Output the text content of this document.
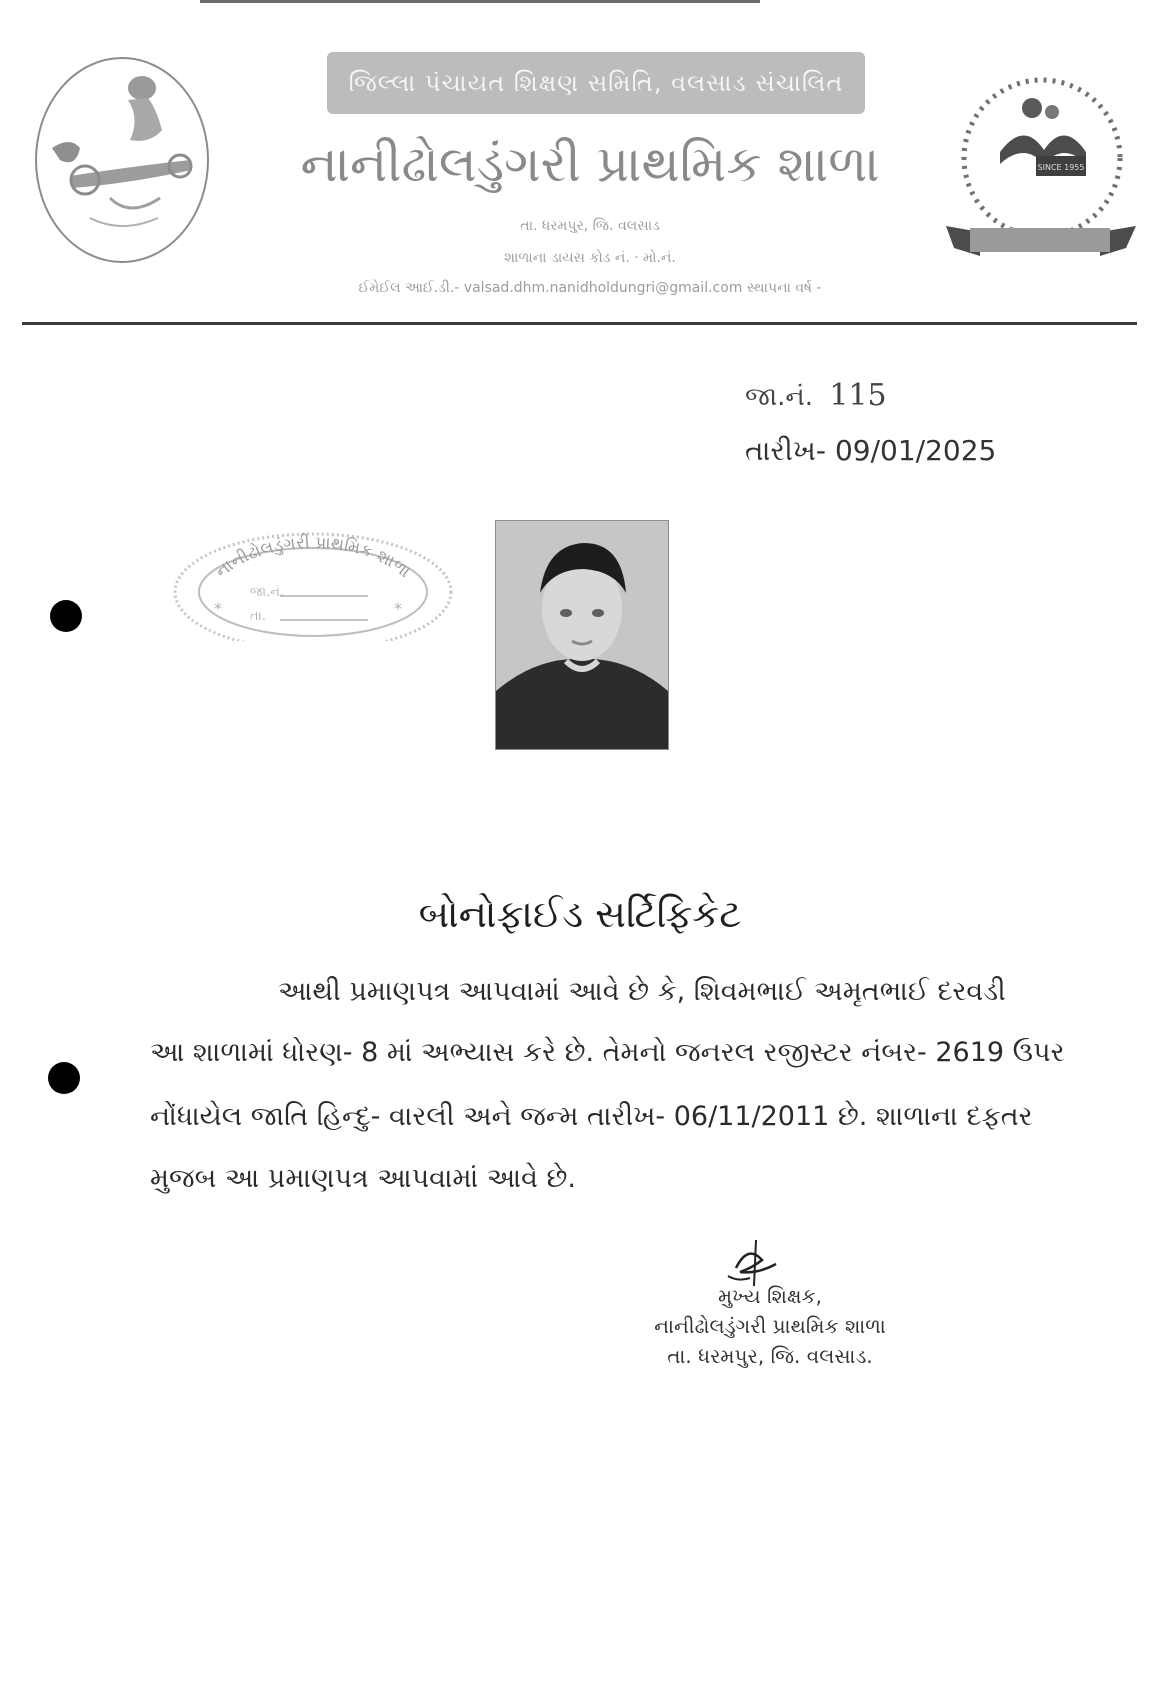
જિલ્લા પંચાયત શિક્ષણ સમિતિ, વલસાડ સંચાલિત
નાનીઢોલડુંગરી પ્રાથમિક શાળા
તા. ધરમપુર, જિ. વલસાડ
શાળાના ડાયસ કોડ નં. · મો.નં.
ઈમેઈલ આઈ.ડી.- valsad.dhm.nanidholdungri@gmail.com સ્થાપના વર્ષ -
SINCE 1955
જા.નં. 115
તારીખ- 09/01/2025
નાનીઢોલડુંગરી પ્રાથમિક શાળા
જા.નં.
તા.	*
*
બોનોફાઈડ સર્ટિફિકેટ
આથી પ્રમાણપત્ર આપવામાં આવે છે કે, શિવમભાઈ અમૃતભાઈ દરવડી
આ શાળામાં ધોરણ- 8 માં અભ્યાસ કરે છે. તેમનો જનરલ રજીસ્ટર નંબર- 2619 ઉપર
નોંધાયેલ જાતિ હિન્દુ- વારલી અને જન્મ તારીખ- 06/11/2011 છે. શાળાના દફતર
મુજબ આ પ્રમાણપત્ર આપવામાં આવે છે.
મુખ્ય શિક્ષક,
નાનીઢોલડુંગરી પ્રાથમિક શાળા
તા. ધરમપુર, જિ. વલસાડ.
